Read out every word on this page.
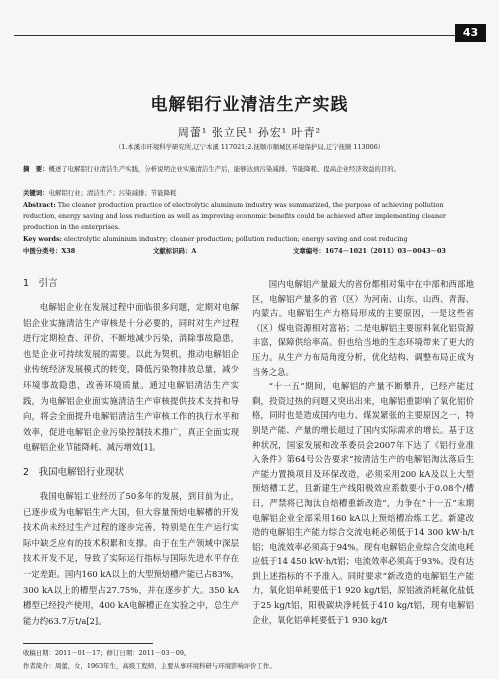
43
电解铝行业清洁生产实践
周蕾¹ 张立民¹ 孙宏¹ 叶青²
（1.本溪市环境科学研究所,辽宁本溪 117021;2.抚顺市顺城区环境保护局,辽宁抚顺 113006）
摘　要：概述了电解铝行业清洁生产实践，分析说明企业实施清洁生产后，能够达到污染减排、节能降耗、提高企业经济效益的目的。
关键词：电解铝行业；清洁生产；污染减排；节能降耗
Abstract: The cleaner production practice of electrolytic aluminum industry was summarized, the purpose of achieving pollution reduction, energy saving and loss reduction as well as improving economic benefits could be achieved after implementing cleaner production in the enterprises.
Key words: electrolytic aluminium industry; cleaner production; pollution reduction; energy saving and cost reducing
中图分类号：X38	文献标识码：A	文章编号：1674－1021（2011）03－0043－03
1　引言
电解铝企业在发展过程中面临很多问题，定期对电解铝企业实施清洁生产审核是十分必要的，同时对生产过程进行定期检查、评价，不断地减少污染，消除事故隐患，也是企业可持续发展的需要。以此为契机，推动电解铝企业传统经济发展模式的转变，降低污染物排放总量，减少环境事故隐患，改善环境质量。通过电解铝清洁生产实践，为电解铝企业面实施清洁生产审核提供技术支持和导向，将会全面提升电解铝清洁生产审核工作的执行水平和效率，促进电解铝企业污染控制技术推广，真正全面实现电解铝企业节能降耗、减污增效[1]。
2　我国电解铝行业现状
我国电解铝工业经历了50多年的发展，到目前为止，已逐步成为电解铝生产大国，但大容量预焙电解槽的开发技术尚未经过生产过程的逐步完善，特别是在生产运行实际中缺乏应有的技术积累和支撑。由于在生产领域中深层技术开发不足，导致了实际运行指标与国际先进水平存在一定差距。国内160 kA以上的大型预焙槽产能已占83%，300 kA以上的槽型占27.75%，并在逐步扩大。350 kA槽型已经投产使用，400 kA电解槽正在实验之中，总生产能力约63.7万t/a[2]。
国内电解铝产量最大的省份都相对集中在中部和西部地区，电解铝产量多的省（区）为河南、山东、山西、青海、内蒙古。电解铝生产力格局形成的主要原因，一是这些省（区）煤电资源相对富裕；二是电解铝主要原料氧化铝资源丰富，保障供给率高。但也给当地的生态环境带来了更大的压力。从生产力布局角度分析，优化结构、调整布局正成为当务之急。
“十一五”期间，电解铝的产量不断攀升，已经产能过剩，投资过热的问题又突出出来，电解铝重影响了氧化铝价格，同时也是造成国内电力、煤炭紧张的主要原因之一，特别是产能、产量的增长超过了国内实际需求的增长。基于这种状况，国家发展和改革委员会2007年下达了《铝行业准入条件》第64号公告要求“按清洁生产的电解铝淘汰落后生产能力置换项目及环保改造，必须采用200 kA及以上大型预焙槽工艺，且新建生产线阳极效应系数要小于0.08个/槽日，严禁将已淘汰自焙槽重新改造”，力争在“十一五”末期电解铝企业全部采用160 kA以上预焙槽冶炼工艺。新建改造的电解铝生产能力综合交流电耗必须低于14 300 kW·h/t铝；电流效率必须高于94%。现有电解铝企业综合交流电耗应低于14 450 kW·h/t铝；电流效率必须高于93%。没有达到上述指标的不予准入。同时要求“新改造的电解铝生产能力，氧化铝单耗要低于1 920 kg/t铝，原铝液消耗氟化盐低于25 kg/t铝，阳极碳块净耗低于410 kg/t铝，现有电解铝企业，氧化铝单耗要低于1 930 kg/t
收稿日期：2011－01－17；修订日期：2011－03－09。
作者简介：周蕾，女，1963年生，高级工程师，主要从事环境科研与环境影响评价工作。
